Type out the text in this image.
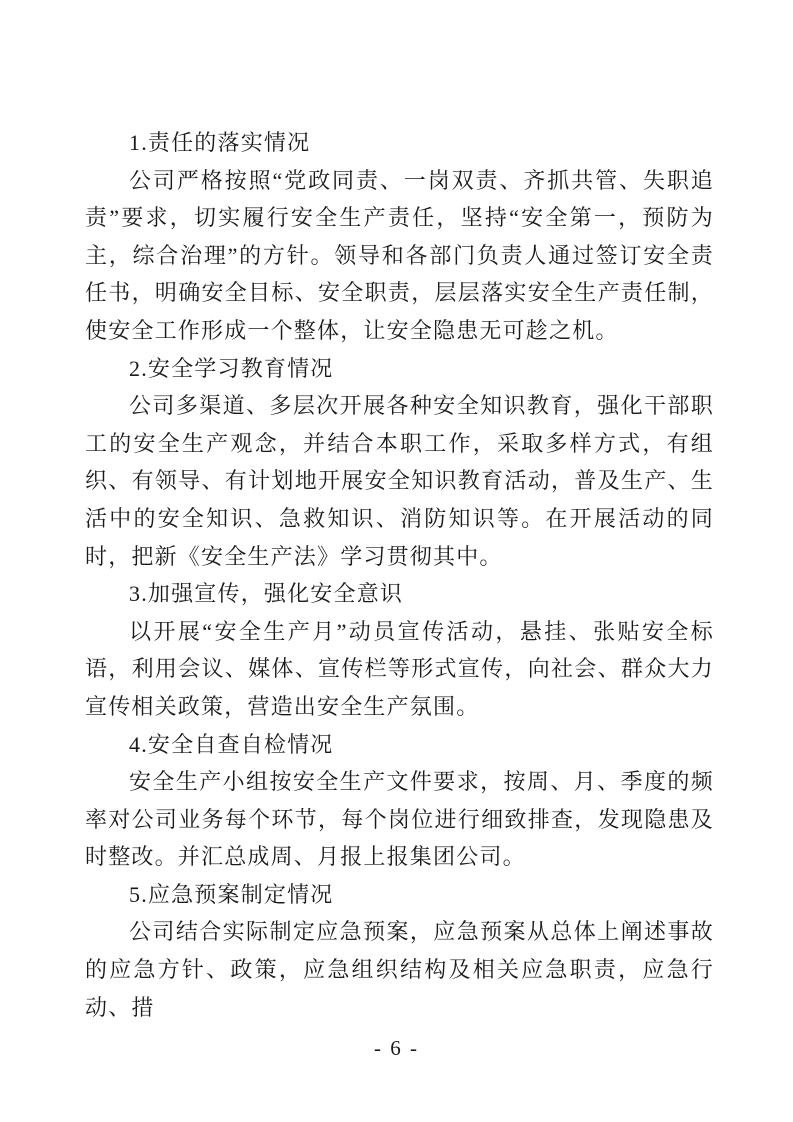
1.责任的落实情况

公司严格按照“党政同责、一岗双责、齐抓共管、失职追责”要求，切实履行安全生产责任，坚持“安全第一，预防为主，综合治理”的方针。领导和各部门负责人通过签订安全责任书，明确安全目标、安全职责，层层落实安全生产责任制，使安全工作形成一个整体，让安全隐患无可趁之机。

2.安全学习教育情况

公司多渠道、多层次开展各种安全知识教育，强化干部职工的安全生产观念，并结合本职工作，采取多样方式，有组织、有领导、有计划地开展安全知识教育活动，普及生产、生活中的安全知识、急救知识、消防知识等。在开展活动的同时，把新《安全生产法》学习贯彻其中。

3.加强宣传，强化安全意识

以开展“安全生产月”动员宣传活动，悬挂、张贴安全标语，利用会议、媒体、宣传栏等形式宣传，向社会、群众大力宣传相关政策，营造出安全生产氛围。

4.安全自查自检情况

安全生产小组按安全生产文件要求，按周、月、季度的频率对公司业务每个环节，每个岗位进行细致排查，发现隐患及时整改。并汇总成周、月报上报集团公司。

5.应急预案制定情况

公司结合实际制定应急预案，应急预案从总体上阐述事故的应急方针、政策，应急组织结构及相关应急职责，应急行动、措

- 6 -
